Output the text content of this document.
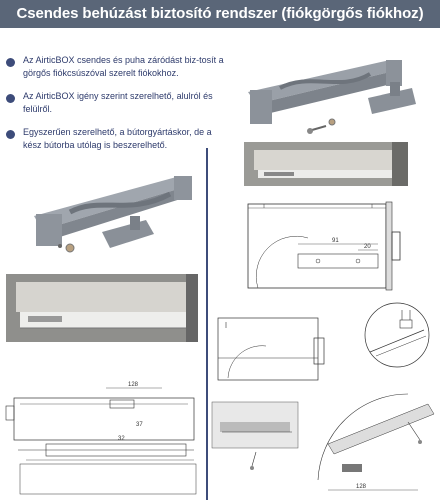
Csendes behúzást biztosító rendszer (fiókgörgős fiókhoz)
Az AirticBOX csendes és puha záródást biz-tosít a görgős fiókcsúszóval szerelt fiókokhoz.
Az AirticBOX igény szerint szerelhető, alulról és felülről.
Egyszerűen szerelhető, a bútorgyártáskor, de a kész bútorba utólag is beszerelhető.
91
20
128
32
37
128
